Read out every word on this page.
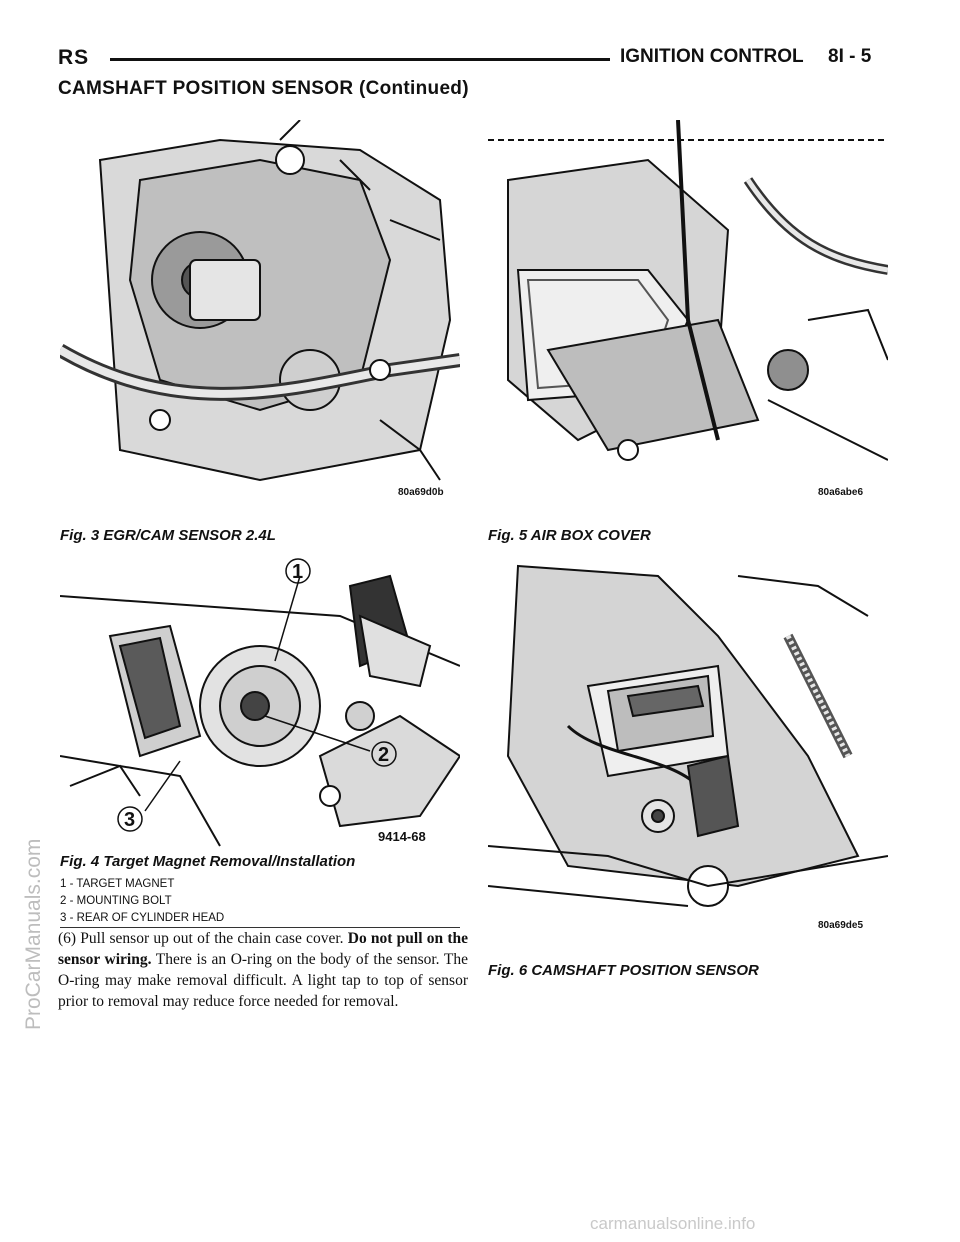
RS	IGNITION CONTROL 8I - 5
CAMSHAFT POSITION SENSOR (Continued)
80a69d0b
Fig. 3 EGR/CAM SENSOR 2.4L
80a6abe6
Fig. 5 AIR BOX COVER
1
2
3
9414-68
Fig. 4 Target Magnet Removal/Installation
1 - TARGET MAGNET
2 - MOUNTING BOLT
3 - REAR OF CYLINDER HEAD
80a69de5
Fig. 6 CAMSHAFT POSITION SENSOR
(6) Pull sensor up out of the chain case cover. Do not pull on the sensor wiring. There is an O-ring on the body of the sensor. The O-ring may make removal difficult. A light tap to top of sensor prior to removal may reduce force needed for removal.
ProCarManuals.com
carmanualsonline.info
